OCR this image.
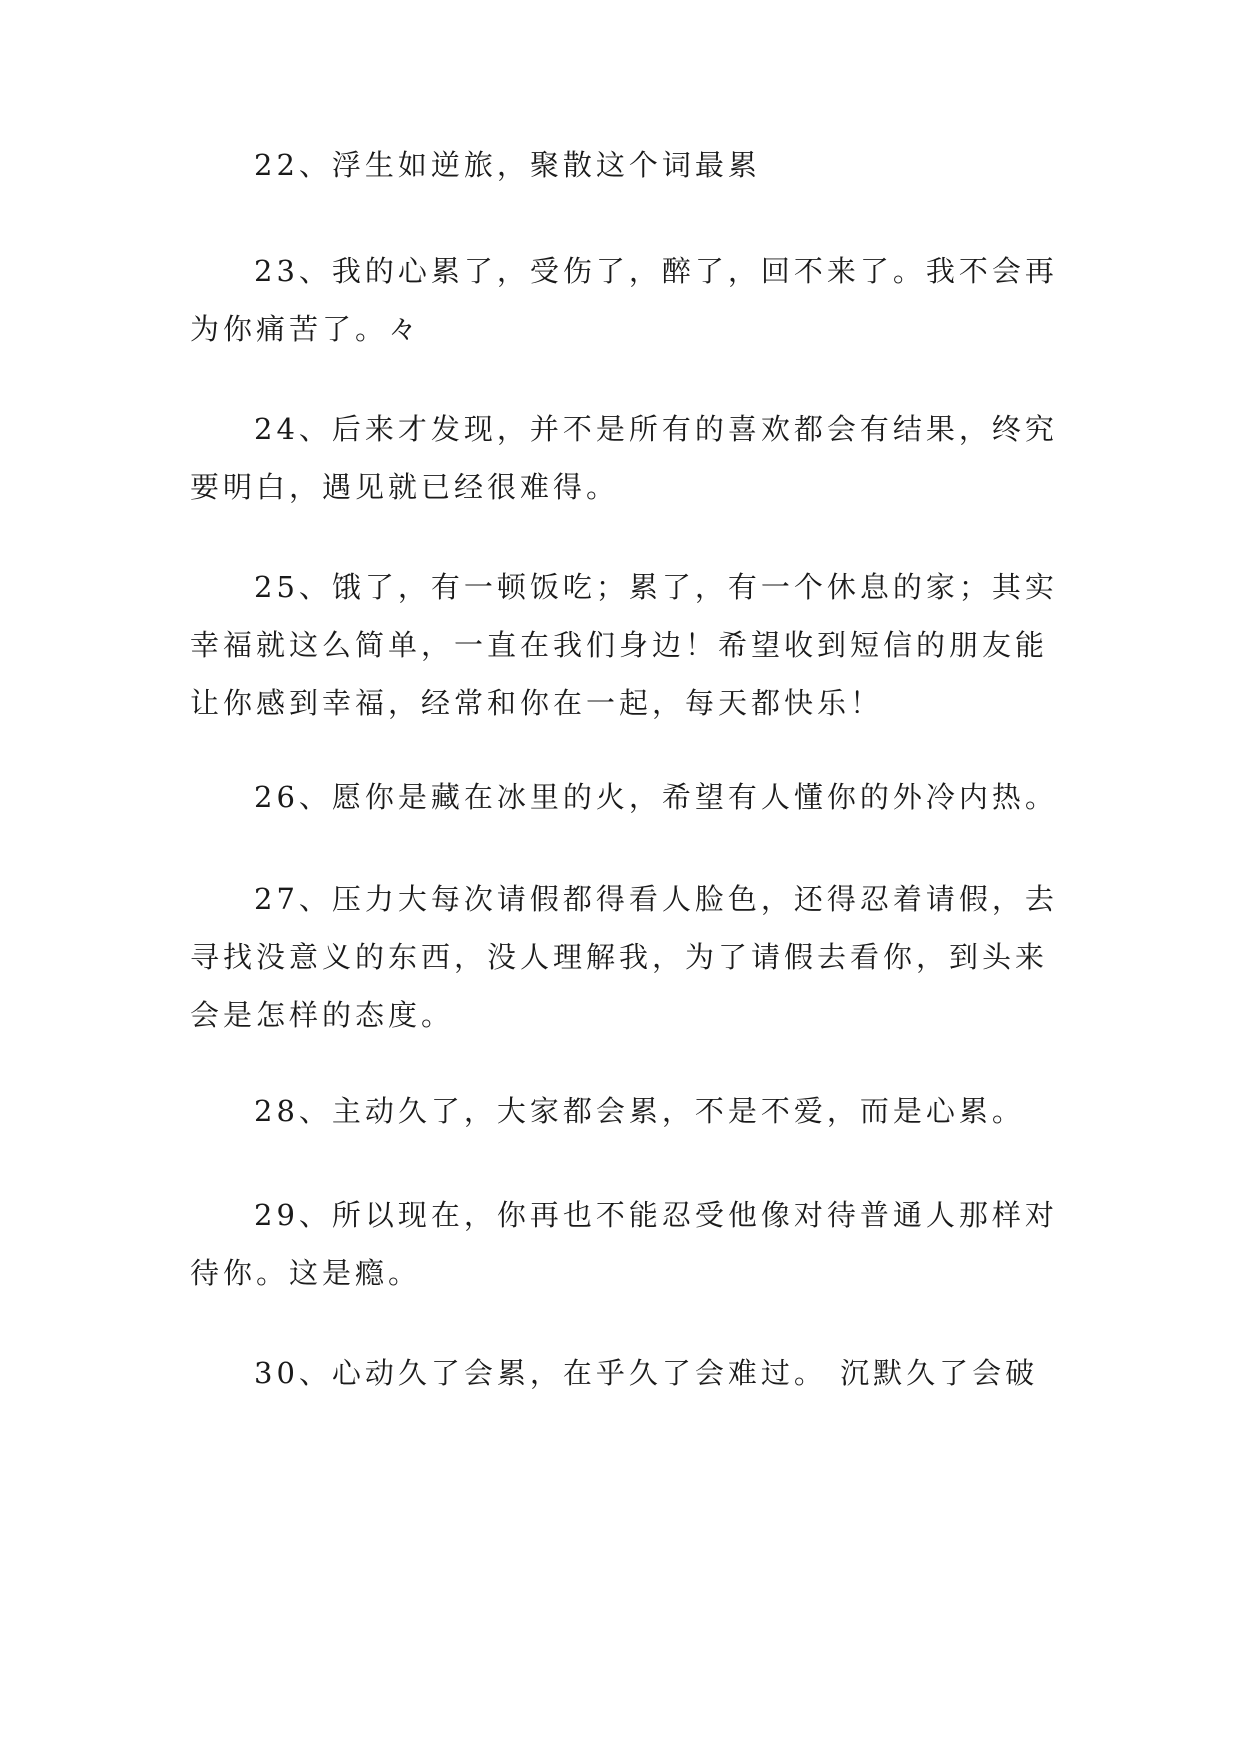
22、浮生如逆旅，聚散这个词最累
23、我的心累了，受伤了，醉了，回不来了。我不会再
为你痛苦了。々
24、后来才发现，并不是所有的喜欢都会有结果，终究
要明白，遇见就已经很难得。
25、饿了，有一顿饭吃；累了，有一个休息的家；其实
幸福就这么简单，一直在我们身边！希望收到短信的朋友能
让你感到幸福，经常和你在一起，每天都快乐！
26、愿你是藏在冰里的火，希望有人懂你的外冷内热。
27、压力大每次请假都得看人脸色，还得忍着请假，去
寻找没意义的东西，没人理解我，为了请假去看你，到头来
会是怎样的态度。
28、主动久了，大家都会累，不是不爱，而是心累。
29、所以现在，你再也不能忍受他像对待普通人那样对
待你。这是瘾。
30、心动久了会累，在乎久了会难过。 沉默久了会破
